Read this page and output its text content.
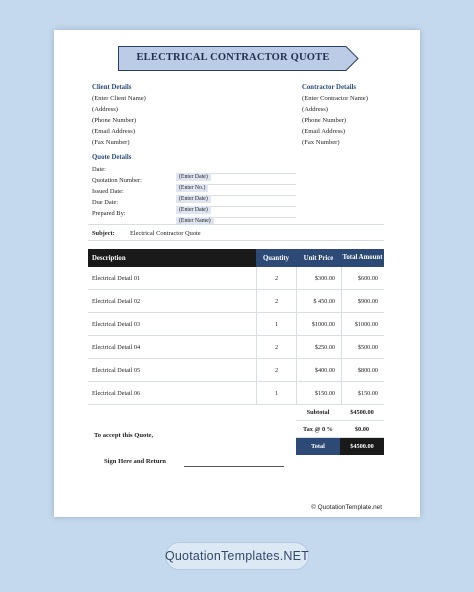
ELECTRICAL CONTRACTOR QUOTE
Client Details
(Enter Client Name)
(Address)
(Phone Number)
(Email Address)
(Fax Number)
Contractor Details
(Enter Contractor Name)
(Address)
(Phone Number)
(Email Address)
(Fax Number)
Quote Details
Date:
(Enter Date)
Quotation Number:
(Enter No.)
Issued Date:
(Enter Date)
Due Date:
(Enter Date)
Prepared By:
(Enter Name)
Subject: Electrical Contractor Quote
Description	Quantity	Unit Price	Total Amount
Electrical Detail 01	2	$300.00	$600.00
Electrical Detail 02	2	$ 450.00	$900.00
Electrical Detail 03	1	$1000.00	$1000.00
Electrical Detail 04	2	$250.00	$500.00
Electrical Detail 05	2	$400.00	$800.00
Electrical Detail 06	1	$150.00	$150.00
Subtotal	$4500.00
Tax @ 0 %	$0.00
Total	$4500.00
To accept this Quote,
Sign Here and Return
© QuotationTemplate.net
QuotationTemplates.NET
